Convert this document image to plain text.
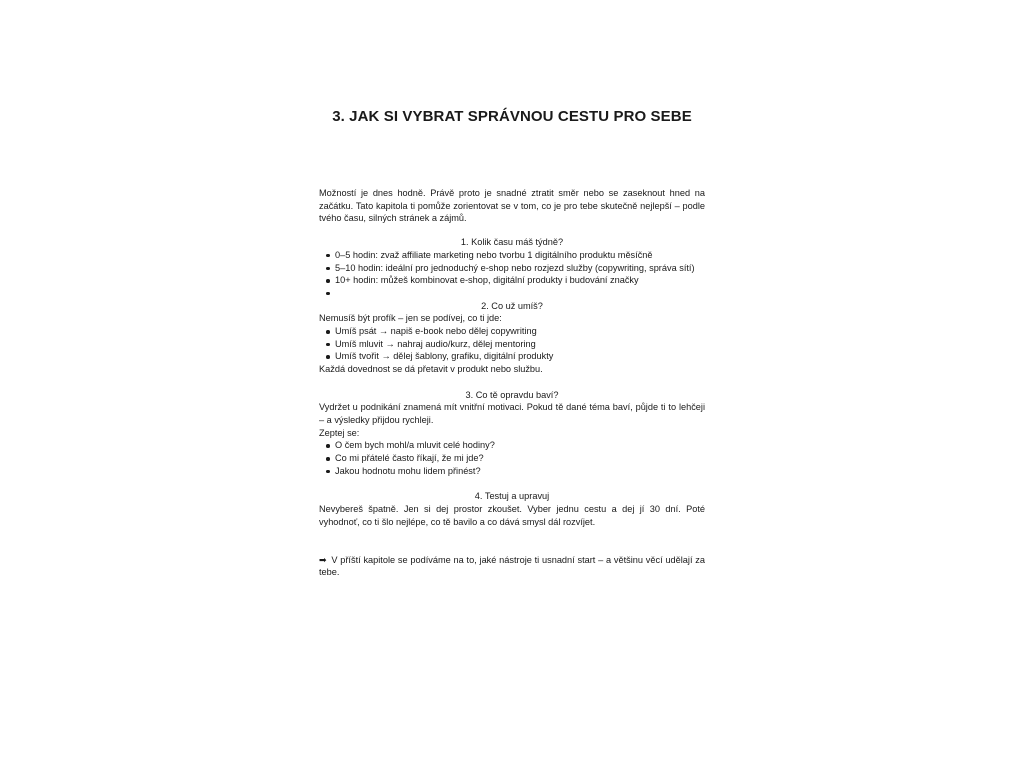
3. JAK SI VYBRAT SPRÁVNOU CESTU PRO SEBE

Možností je dnes hodně. Právě proto je snadné ztratit směr nebo se zaseknout hned na začátku. Tato kapitola ti pomůže zorientovat se v tom, co je pro tebe skutečně nejlepší – podle tvého času, silných stránek a zájmů.

1. Kolik času máš týdně?

0–5 hodin: zvaž affiliate marketing nebo tvorbu 1 digitálního produktu měsíčně
5–10 hodin: ideální pro jednoduchý e-shop nebo rozjezd služby (copywriting, správa sítí)
10+ hodin: můžeš kombinovat e-shop, digitální produkty i budování značky

2. Co už umíš?

Nemusíš být profík – jen se podívej, co ti jde:

Umíš psát → napiš e-book nebo dělej copywriting
Umíš mluvit → nahraj audio/kurz, dělej mentoring
Umíš tvořit → dělej šablony, grafiku, digitální produkty

Každá dovednost se dá přetavit v produkt nebo službu.

3. Co tě opravdu baví?

Vydržet u podnikání znamená mít vnitřní motivaci. Pokud tě dané téma baví, půjde ti to lehčeji – a výsledky přijdou rychleji.

Zeptej se:

O čem bych mohl/a mluvit celé hodiny?
Co mi přátelé často říkají, že mi jde?
Jakou hodnotu mohu lidem přinést?

4. Testuj a upravuj

Nevybereš špatně. Jen si dej prostor zkoušet. Vyber jednu cestu a dej jí 30 dní. Poté vyhodnoť, co ti šlo nejlépe, co tě bavilo a co dává smysl dál rozvíjet.

➡ V příští kapitole se podíváme na to, jaké nástroje ti usnadní start – a většinu věcí udělají za tebe.
